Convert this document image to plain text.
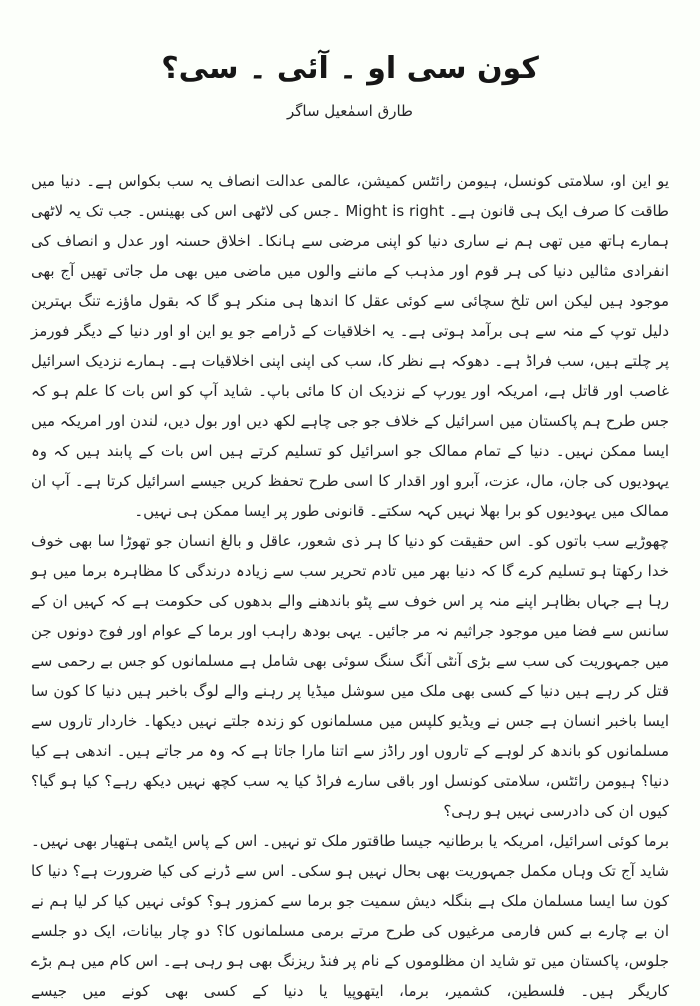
کون سی او ۔ آئی ۔ سی؟
طارق اسمٰعیل ساگر

یو این او، سلامتی کونسل، ہیومن رائٹس کمیشن، عالمی عدالت انصاف یہ سب بکواس ہے۔ دنیا میں طاقت کا صرف ایک ہی قانون ہے۔ Might is right ۔جس کی لاٹھی اس کی بھینس۔ جب تک یہ لاٹھی ہمارے ہاتھ میں تھی ہم نے ساری دنیا کو اپنی مرضی سے ہانکا۔ اخلاق حسنہ اور عدل و انصاف کی انفرادی مثالیں دنیا کی ہر قوم اور مذہب کے ماننے والوں میں ماضی میں بھی مل جاتی تھیں آج بھی موجود ہیں لیکن اس تلخ سچائی سے کوئی عقل کا اندھا ہی منکر ہو گا کہ بقول ماؤزے تنگ بہترین دلیل توپ کے منہ سے ہی برآمد ہوتی ہے۔ یہ اخلاقیات کے ڈرامے جو یو این او اور دنیا کے دیگر فورمز پر چلتے ہیں، سب فراڈ ہے۔ دھوکہ ہے نظر کا، سب کی اپنی اپنی اخلاقیات ہے۔ ہمارے نزدیک اسرائیل غاصب اور قاتل ہے، امریکہ اور یورپ کے نزدیک ان کا مائی باپ۔ شاید آپ کو اس بات کا علم ہو کہ جس طرح ہم پاکستان میں اسرائیل کے خلاف جو جی چاہے لکھ دیں اور بول دیں، لندن اور امریکہ میں ایسا ممکن نہیں۔ دنیا کے تمام ممالک جو اسرائیل کو تسلیم کرتے ہیں اس بات کے پابند ہیں کہ وہ یہودیوں کی جان، مال، عزت، آبرو اور اقدار کا اسی طرح تحفظ کریں جیسے اسرائیل کرتا ہے۔ آپ ان ممالک میں یہودیوں کو برا بھلا نہیں کہہ سکتے۔ قانونی طور پر ایسا ممکن ہی نہیں۔

چھوڑیے سب باتوں کو۔ اس حقیقت کو دنیا کا ہر ذی شعور، عاقل و بالغ انسان جو تھوڑا سا بھی خوف خدا رکھتا ہو تسلیم کرے گا کہ دنیا بھر میں تادم تحریر سب سے زیادہ درندگی کا مظاہرہ برما میں ہو رہا ہے جہاں بظاہر اپنے منہ پر اس خوف سے پٹو باندھنے والے بدھوں کی حکومت ہے کہ کہیں ان کے سانس سے فضا میں موجود جراثیم نہ مر جائیں۔ یہی بودھ راہب اور برما کے عوام اور فوج دونوں جن میں جمہوریت کی سب سے بڑی آنٹی آنگ سنگ سوئی بھی شامل ہے مسلمانوں کو جس بے رحمی سے قتل کر رہے ہیں دنیا کے کسی بھی ملک میں سوشل میڈیا پر رہنے والے لوگ باخبر ہیں دنیا کا کون سا ایسا باخبر انسان ہے جس نے ویڈیو کلپس میں مسلمانوں کو زندہ جلتے نہیں دیکھا۔ خاردار تاروں سے مسلمانوں کو باندھ کر لوہے کے تاروں اور راڈز سے اتنا مارا جاتا ہے کہ وہ مر جاتے ہیں۔ اندھی ہے کیا دنیا؟ ہیومن رائٹس، سلامتی کونسل اور باقی سارے فراڈ کیا یہ سب کچھ نہیں دیکھ رہے؟ کیا ہو گیا؟ کیوں ان کی دادرسی نہیں ہو رہی؟

برما کوئی اسرائیل، امریکہ یا برطانیہ جیسا طاقتور ملک تو نہیں۔ اس کے پاس ایٹمی ہتھیار بھی نہیں۔ شاید آج تک وہاں مکمل جمہوریت بھی بحال نہیں ہو سکی۔ اس سے ڈرنے کی کیا ضرورت ہے؟ دنیا کا کون سا ایسا مسلمان ملک ہے بنگلہ دیش سمیت جو برما سے کمزور ہو؟ کوئی نہیں کیا کر لیا ہم نے ان بے چارے بے کس فارمی مرغیوں کی طرح مرتے برمی مسلمانوں کا؟ دو چار بیانات، ایک دو جلسے جلوس، پاکستان میں تو شاید ان مظلوموں کے نام پر فنڈ ریزنگ بھی ہو رہی ہے۔ اس کام میں ہم بڑے کاریگر ہیں۔ فلسطین، کشمیر، برما، ایتھوپیا یا دنیا کے کسی بھی کونے میں جیسے
